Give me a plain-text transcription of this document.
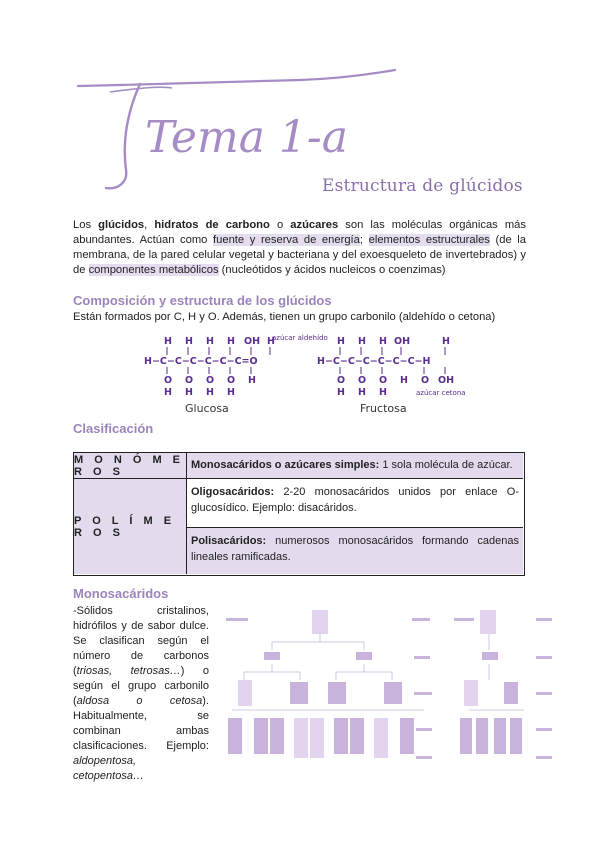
Tema 1-a
Estructura de glúcidos
Los glúcidos, hidratos de carbono o azúcares son las moléculas orgánicas más abundantes. Actúan como fuente y reserva de energía; elementos estructurales (de la membrana, de la pared celular vegetal y bacteriana y del exoesqueleto de invertebrados) y de componentes metabólicos (nucleótidos y ácidos nucleicos o coenzimas)
Composición y estructura de los glúcidos
Están formados por C, H y O. Además, tienen un grupo carbonilo (aldehído o cetona)
H H H H OH H
H−C−C−C−C−C−C=O
O O O O H
H H H H
azúcar aldehído
Glucosa
H H H OH	H
H−C−C−C−C−C−C−H
O O O H O OH
H H H	azúcar cetona
Fructosa
Clasificación
M O N Ó M E R O S
Monosacáridos o azúcares simples: 1 sola molécula de azúcar.
P O L Í M E R O S
Oligosacáridos: 2-20 monosacáridos unidos por enlace O-glucosídico. Ejemplo: disacáridos.
Polisacáridos: numerosos monosacáridos formando cadenas lineales ramificadas.
Monosacáridos
-Sólidos cristalinos, hidrófilos y de sabor dulce. Se clasifican según el número de carbonos (triosas, tetrosas…) o según el grupo carbonilo (aldosa o cetosa). Habitualmente, se combinan ambas clasificaciones. Ejemplo: aldopentosa, cetopentosa…
